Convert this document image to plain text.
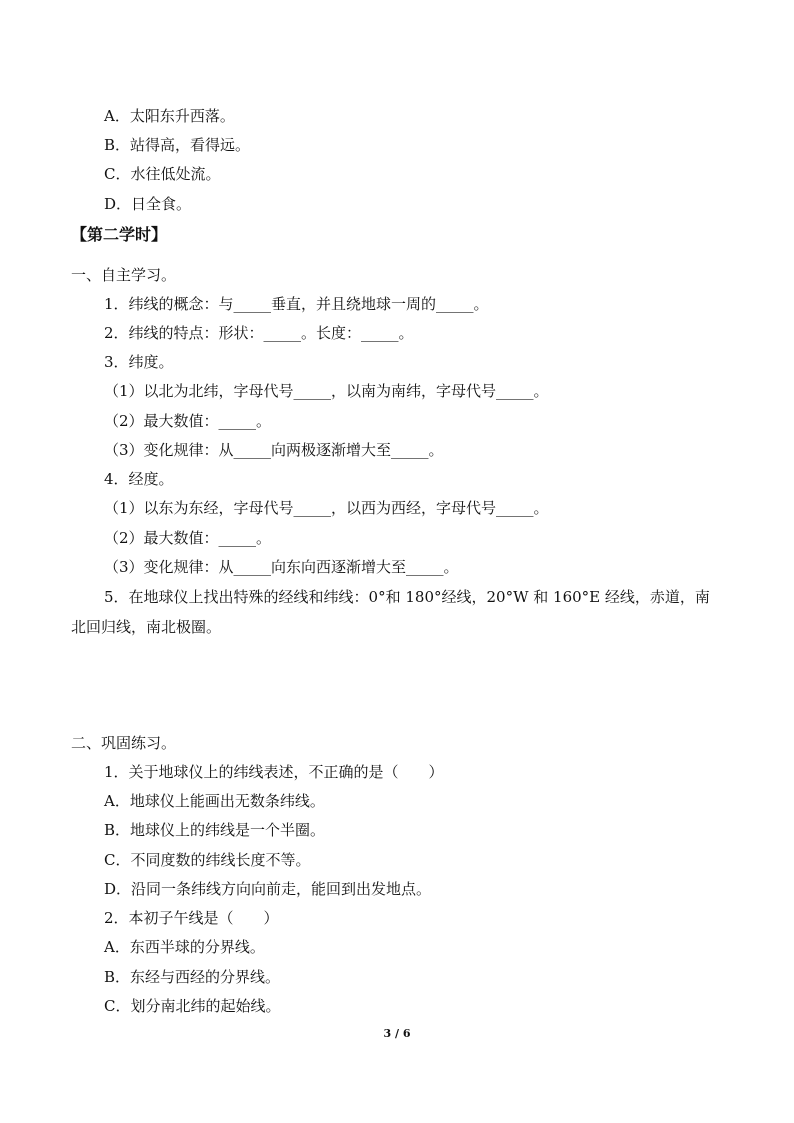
A．太阳东升西落。
B．站得高，看得远。
C．水往低处流。
D．日全食。
【第二学时】
一、自主学习。
1．纬线的概念：与_____垂直，并且绕地球一周的_____。
2．纬线的特点：形状：_____。长度：_____。
3．纬度。
（1）以北为北纬，字母代号_____，以南为南纬，字母代号_____。
（2）最大数值：_____。
（3）变化规律：从_____向两极逐渐增大至_____。
4．经度。
（1）以东为东经，字母代号_____，以西为西经，字母代号_____。
（2）最大数值：_____。
（3）变化规律：从_____向东向西逐渐增大至_____。
5．在地球仪上找出特殊的经线和纬线：0°和 180°经线，20°W 和 160°E 经线，赤道，南
北回归线，南北极圈。
二、巩固练习。
1．关于地球仪上的纬线表述，不正确的是（　　）
A．地球仪上能画出无数条纬线。
B．地球仪上的纬线是一个半圈。
C．不同度数的纬线长度不等。
D．沿同一条纬线方向向前走，能回到出发地点。
2．本初子午线是（　　）
A．东西半球的分界线。
B．东经与西经的分界线。
C．划分南北纬的起始线。
3 / 6
